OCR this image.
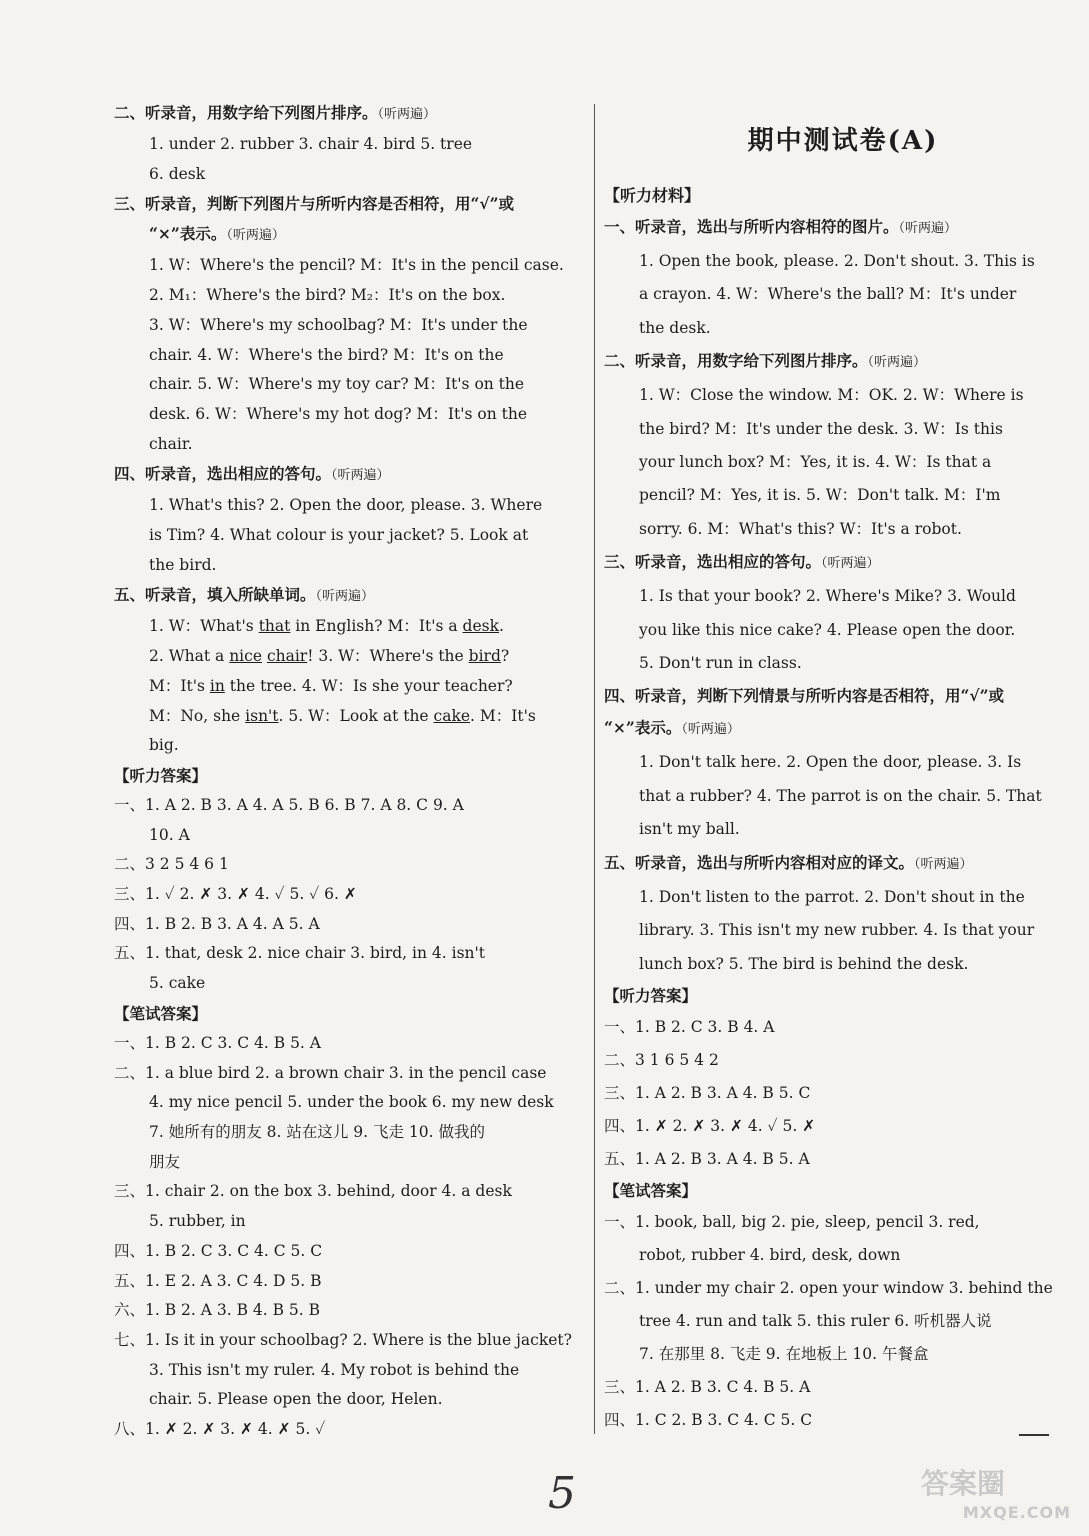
二、听录音，用数字给下列图片排序。（听两遍）
1. under 2. rubber 3. chair 4. bird 5. tree
6. desk
三、听录音，判断下列图片与所听内容是否相符，用“√”或
“×”表示。（听两遍）
1. W：Where's the pencil? M：It's in the pencil case.
2. M₁：Where's the bird? M₂：It's on the box.
3. W：Where's my schoolbag? M：It's under the
chair. 4. W：Where's the bird? M：It's on the
chair. 5. W：Where's my toy car? M：It's on the
desk. 6. W：Where's my hot dog? M：It's on the
chair.
四、听录音，选出相应的答句。（听两遍）
1. What's this? 2. Open the door, please. 3. Where
is Tim? 4. What colour is your jacket? 5. Look at
the bird.
五、听录音，填入所缺单词。（听两遍）
1. W：What's that in English? M：It's a desk.
2. What a nice chair! 3. W：Where's the bird?
M：It's in the tree. 4. W：Is she your teacher?
M：No, she isn't. 5. W：Look at the cake. M：It's
big.
【听力答案】
一、1. A 2. B 3. A 4. A 5. B 6. B 7. A 8. C 9. A
10. A
二、3 2 5 4 6 1
三、1. ✓ 2. ✗ 3. ✗ 4. ✓ 5. ✓ 6. ✗
四、1. B 2. B 3. A 4. A 5. A
五、1. that, desk 2. nice chair 3. bird, in 4. isn't
5. cake
【笔试答案】
一、1. B 2. C 3. C 4. B 5. A
二、1. a blue bird 2. a brown chair 3. in the pencil case
4. my nice pencil 5. under the book 6. my new desk
7. 她所有的朋友 8. 站在这儿 9. 飞走 10. 做我的
朋友
三、1. chair 2. on the box 3. behind, door 4. a desk
5. rubber, in
四、1. B 2. C 3. C 4. C 5. C
五、1. E 2. A 3. C 4. D 5. B
六、1. B 2. A 3. B 4. B 5. B
七、1. Is it in your schoolbag? 2. Where is the blue jacket?
3. This isn't my ruler. 4. My robot is behind the
chair. 5. Please open the door, Helen.
八、1. ✗ 2. ✗ 3. ✗ 4. ✗ 5. ✓
期中测试卷(A)
【听力材料】
一、听录音，选出与所听内容相符的图片。（听两遍）
1. Open the book, please. 2. Don't shout. 3. This is
a crayon. 4. W：Where's the ball? M：It's under
the desk.
二、听录音，用数字给下列图片排序。（听两遍）
1. W：Close the window. M：OK. 2. W：Where is
the bird? M：It's under the desk. 3. W：Is this
your lunch box? M：Yes, it is. 4. W：Is that a
pencil? M：Yes, it is. 5. W：Don't talk. M：I'm
sorry. 6. M：What's this? W：It's a robot.
三、听录音，选出相应的答句。（听两遍）
1. Is that your book? 2. Where's Mike? 3. Would
you like this nice cake? 4. Please open the door.
5. Don't run in class.
四、听录音，判断下列情景与所听内容是否相符，用“√”或
“×”表示。（听两遍）
1. Don't talk here. 2. Open the door, please. 3. Is
that a rubber? 4. The parrot is on the chair. 5. That
isn't my ball.
五、听录音，选出与所听内容相对应的译文。（听两遍）
1. Don't listen to the parrot. 2. Don't shout in the
library. 3. This isn't my new rubber. 4. Is that your
lunch box? 5. The bird is behind the desk.
【听力答案】
一、1. B 2. C 3. B 4. A
二、3 1 6 5 4 2
三、1. A 2. B 3. A 4. B 5. C
四、1. ✗ 2. ✗ 3. ✗ 4. ✓ 5. ✗
五、1. A 2. B 3. A 4. B 5. A
【笔试答案】
一、1. book, ball, big 2. pie, sleep, pencil 3. red,
robot, rubber 4. bird, desk, down
二、1. under my chair 2. open your window 3. behind the
tree 4. run and talk 5. this ruler 6. 听机器人说
7. 在那里 8. 飞走 9. 在地板上 10. 午餐盒
三、1. A 2. B 3. C 4. B 5. A
四、1. C 2. B 3. C 4. C 5. C
5	答案圈
MXQE.COM
